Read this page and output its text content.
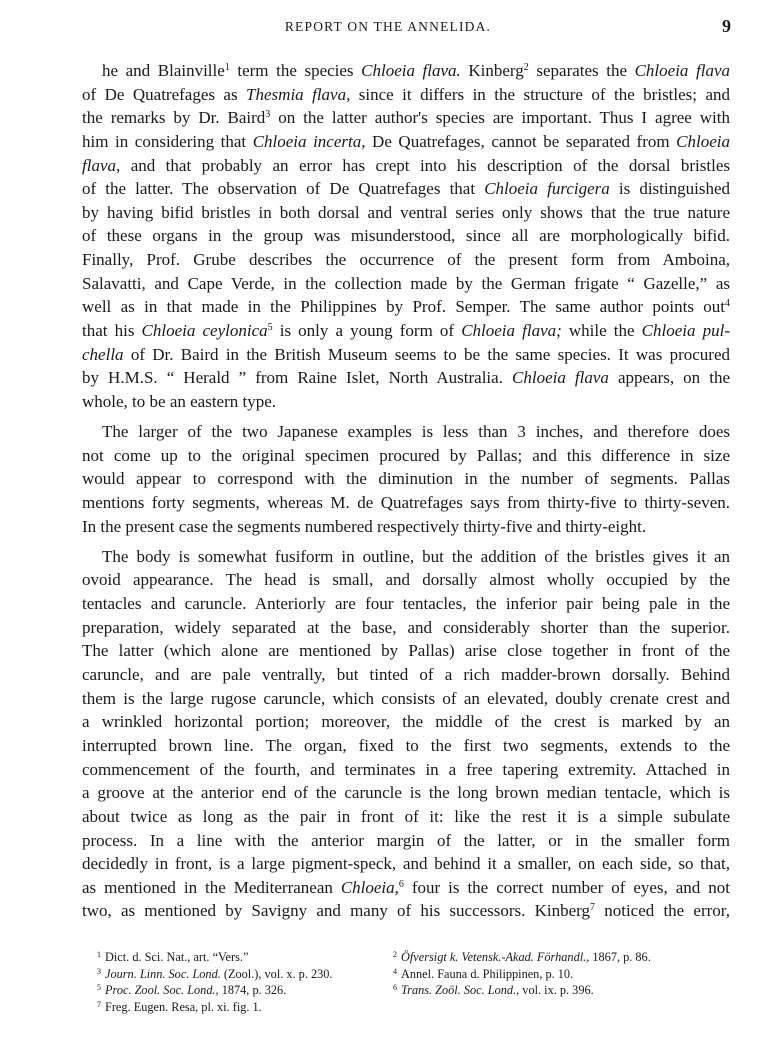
REPORT ON THE ANNELIDA.	9
he and Blainville$^1$ term the species Chloeia flava. Kinberg$^2$ separates the Chloeia flava
of De Quatrefages as Thesmia flava, since it differs in the structure of the bristles; and
the remarks by Dr. Baird$^3$ on the latter author's species are important. Thus I agree with
him in considering that Chloeia incerta, De Quatrefages, cannot be separated from Chloeia
flava, and that probably an error has crept into his description of the dorsal bristles
of the latter. The observation of De Quatrefages that Chloeia furcigera is distinguished
by having bifid bristles in both dorsal and ventral series only shows that the true nature
of these organs in the group was misunderstood, since all are morphologically bifid.
Finally, Prof. Grube describes the occurrence of the present form from Amboina,
Salavatti, and Cape Verde, in the collection made by the German frigate “ Gazelle,” as
well as in that made in the Philippines by Prof. Semper. The same author points out$^4$
that his Chloeia ceylonica$^5$ is only a young form of Chloeia flava; while the Chloeia pul-
chella of Dr. Baird in the British Museum seems to be the same species. It was procured
by H.M.S. “ Herald ” from Raine Islet, North Australia. Chloeia flava appears, on the
whole, to be an eastern type.
The larger of the two Japanese examples is less than 3 inches, and therefore does
not come up to the original specimen procured by Pallas; and this difference in size
would appear to correspond with the diminution in the number of segments. Pallas
mentions forty segments, whereas M. de Quatrefages says from thirty-five to thirty-seven.
In the present case the segments numbered respectively thirty-five and thirty-eight.
The body is somewhat fusiform in outline, but the addition of the bristles gives it an
ovoid appearance. The head is small, and dorsally almost wholly occupied by the
tentacles and caruncle. Anteriorly are four tentacles, the inferior pair being pale in the
preparation, widely separated at the base, and considerably shorter than the superior.
The latter (which alone are mentioned by Pallas) arise close together in front of the
caruncle, and are pale ventrally, but tinted of a rich madder-brown dorsally. Behind
them is the large rugose caruncle, which consists of an elevated, doubly crenate crest and
a wrinkled horizontal portion; moreover, the middle of the crest is marked by an
interrupted brown line. The organ, fixed to the first two segments, extends to the
commencement of the fourth, and terminates in a free tapering extremity. Attached in
a groove at the anterior end of the caruncle is the long brown median tentacle, which is
about twice as long as the pair in front of it: like the rest it is a simple subulate
process. In a line with the anterior margin of the latter, or in the smaller form
decidedly in front, is a large pigment-speck, and behind it a smaller, on each side, so that,
as mentioned in the Mediterranean Chloeia,$^6$ four is the correct number of eyes, and not
two, as mentioned by Savigny and many of his successors. Kinberg$^7$ noticed the error,
$^1$ Dict. d. Sci. Nat., art. “Vers.”
$^3$ Journ. Linn. Soc. Lond. (Zool.), vol. x. p. 230.
$^5$ Proc. Zool. Soc. Lond., 1874, p. 326.
$^7$ Freg. Eugen. Resa, pl. xi. fig. 1.
$^2$ Öfversigt k. Vetensk.-Akad. Förhandl., 1867, p. 86.
$^4$ Annel. Fauna d. Philippinen, p. 10.
$^6$ Trans. Zoöl. Soc. Lond., vol. ix. p. 396.
